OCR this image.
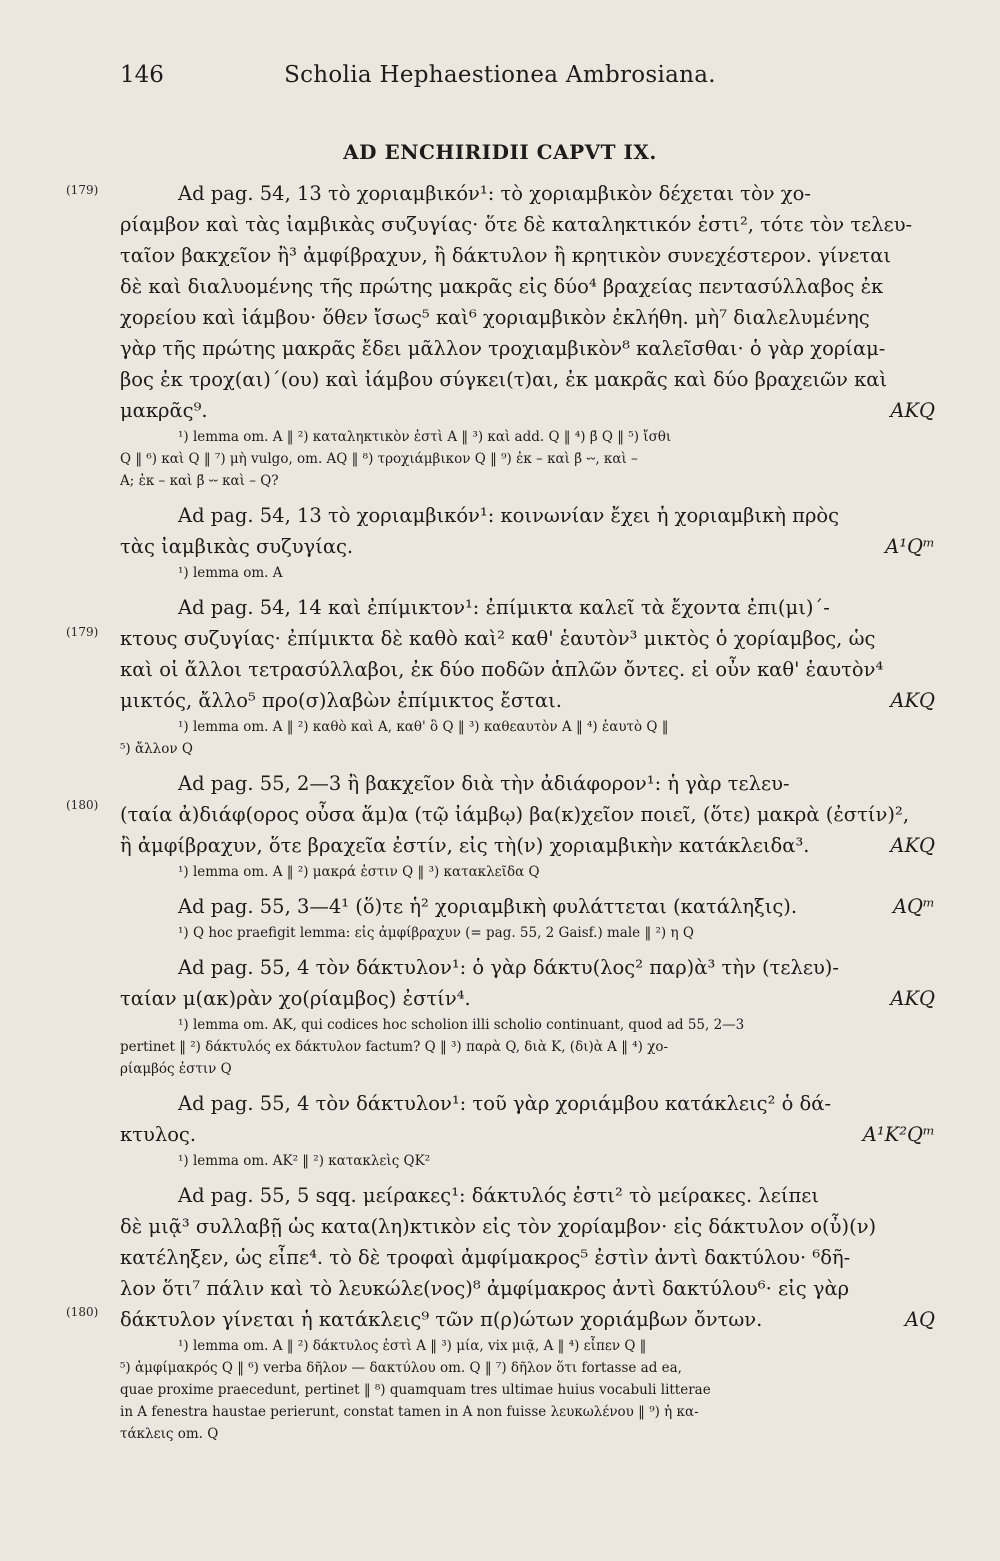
146	Scholia Hephaestionea Ambrosiana.
AD ENCHIRIDII CAPVT IX.
(179)
(179)
(180)
(180)
Ad pag. 54, 13 τὸ χοριαμβικόν¹: τὸ χοριαμβικὸν δέχεται τὸν χο-
ρίαμβον καὶ τὰς ἰαμβικὰς συζυγίας· ὅτε δὲ καταληκτικόν ἐστι², τότε τὸν τελευ-
ταῖον βακχεῖον ἢ³ ἀμφίβραχυν, ἢ δάκτυλον ἢ κρητικὸν συνεχέστερον. γίνεται
δὲ καὶ διαλυομένης τῆς πρώτης μακρᾶς εἰς δύο⁴ βραχείας πεντασύλλαβος ἐκ
χορείου καὶ ἰάμβου· ὅθεν ἴσως⁵ καὶ⁶ χοριαμβικὸν ἐκλήθη. μὴ⁷ διαλελυμένης
γὰρ τῆς πρώτης μακρᾶς ἔδει μᾶλλον τροχιαμβικὸν⁸ καλεῖσθαι· ὁ γὰρ χορίαμ-
βος ἐκ τροχ(αι)΄(ου) καὶ ἰάμβου σύγκει(τ)αι, ἐκ μακρᾶς καὶ δύο βραχειῶν καὶ
μακρᾶς⁹.	AKQ
¹) lemma om. A ‖ ²) καταληκτικὸν ἐστὶ A ‖ ³) καὶ add. Q ‖ ⁴) β̄ Q ‖ ⁵) ἴσθι
Q ‖ ⁶) καὶ Q ‖ ⁷) μὴ vulgo, om. AQ ‖ ⁸) τροχιάμβικον Q ‖ ⁹) ἐκ – καὶ β̄ ⏑⏑, καὶ –
A; ἐκ – καὶ β̄ ⏑⏑ καὶ – Q?
Ad pag. 54, 13 τὸ χοριαμβικόν¹: κοινωνίαν ἔχει ἡ χοριαμβικὴ πρὸς
τὰς ἰαμβικὰς συζυγίας.	A¹Qᵐ
¹) lemma om. A
Ad pag. 54, 14 καὶ ἐπίμικτον¹: ἐπίμικτα καλεῖ τὰ ἔχοντα ἐπι(μι)΄-
κτους συζυγίας· ἐπίμικτα δὲ καθὸ καὶ² καθ' ἑαυτὸν³ μικτὸς ὁ χορίαμβος, ὡς
καὶ οἱ ἄλλοι τετρασύλλαβοι, ἐκ δύο ποδῶν ἁπλῶν ὄντες. εἰ οὖν καθ' ἑαυτὸν⁴
μικτός, ἄλλο⁵ προ(σ)λαβὼν ἐπίμικτος ἔσται.	AKQ
¹) lemma om. A ‖ ²) καθὸ καὶ A, καθ' ὃ Q ‖ ³) καθεαυτὸν A ‖ ⁴) ἑαυτὸ Q ‖
⁵) ἄλλον Q
Ad pag. 55, 2—3 ἢ βακχεῖον διὰ τὴν ἀδιάφορον¹: ἡ γὰρ τελευ-
(ταία ἀ)διάφ(ορος οὖσα ἅμ)α (τῷ ἰάμβῳ) βα(κ)χεῖον ποιεῖ, (ὅτε) μακρὰ (ἐστίν)²,
ἢ ἀμφίβραχυν, ὅτε βραχεῖα ἐστίν, εἰς τὴ(ν) χοριαμβικὴν κατάκλειδα³.	AKQ
¹) lemma om. A ‖ ²) μακρά ἐστιν Q ‖ ³) κατακλεῖδα Q
Ad pag. 55, 3—4¹ (ὅ)τε ἡ² χοριαμβικὴ φυλάττεται (κατάληξις).	AQᵐ
¹) Q hoc praefigit lemma: εἰς ἀμφίβραχυν (= pag. 55, 2 Gaisf.) male ‖ ²) η Q
Ad pag. 55, 4 τὸν δάκτυλον¹: ὁ γὰρ δάκτυ(λος² παρ)ὰ³ τὴν (τελευ)-
ταίαν μ(ακ)ρὰν χο(ρίαμβος) ἐστίν⁴.	AKQ
¹) lemma om. AK, qui codices hoc scholion illi scholio continuant, quod ad 55, 2—3
pertinet ‖ ²) δάκτυλός ex δάκτυλον factum? Q ‖ ³) παρὰ Q, διὰ K, (δι)ὰ A ‖ ⁴) χο-
ρίαμβός ἐστιν Q
Ad pag. 55, 4 τὸν δάκτυλον¹: τοῦ γὰρ χοριάμβου κατάκλεις² ὁ δά-
κτυλος.	A¹K²Qᵐ
¹) lemma om. AK² ‖ ²) κατακλεὶς QK²
Ad pag. 55, 5 sqq. μείρακες¹: δάκτυλός ἐστι² τὸ μείρακες. λείπει
δὲ μιᾷ³ συλλαβῇ ὡς κατα(λη)κτικὸν εἰς τὸν χορίαμβον· εἰς δάκτυλον ο(ὖ)(ν)
κατέληξεν, ὡς εἶπε⁴. τὸ δὲ τροφαὶ ἀμφίμακρος⁵ ἐστὶν ἀντὶ δακτύλου· ⁶δῆ-
λον ὅτι⁷ πάλιν καὶ τὸ λευκώλε(νος)⁸ ἀμφίμακρος ἀντὶ δακτύλου⁶· εἰς γὰρ
δάκτυλον γίνεται ἡ κατάκλεις⁹ τῶν π(ρ)ώτων χοριάμβων ὄντων.	AQ
¹) lemma om. A ‖ ²) δάκτυλος ἐστὶ A ‖ ³) μία, vix μιᾷ, A ‖ ⁴) εἶπεν Q ‖
⁵) ἀμφίμακρός Q ‖ ⁶) verba δῆλον — δακτύλου om. Q ‖ ⁷) δῆλον ὅτι fortasse ad ea,
quae proxime praecedunt, pertinet ‖ ⁸) quamquam tres ultimae huius vocabuli litterae
in A fenestra haustae perierunt, constat tamen in A non fuisse λευκωλένου ‖ ⁹) ἡ κα-
τάκλεις om. Q
